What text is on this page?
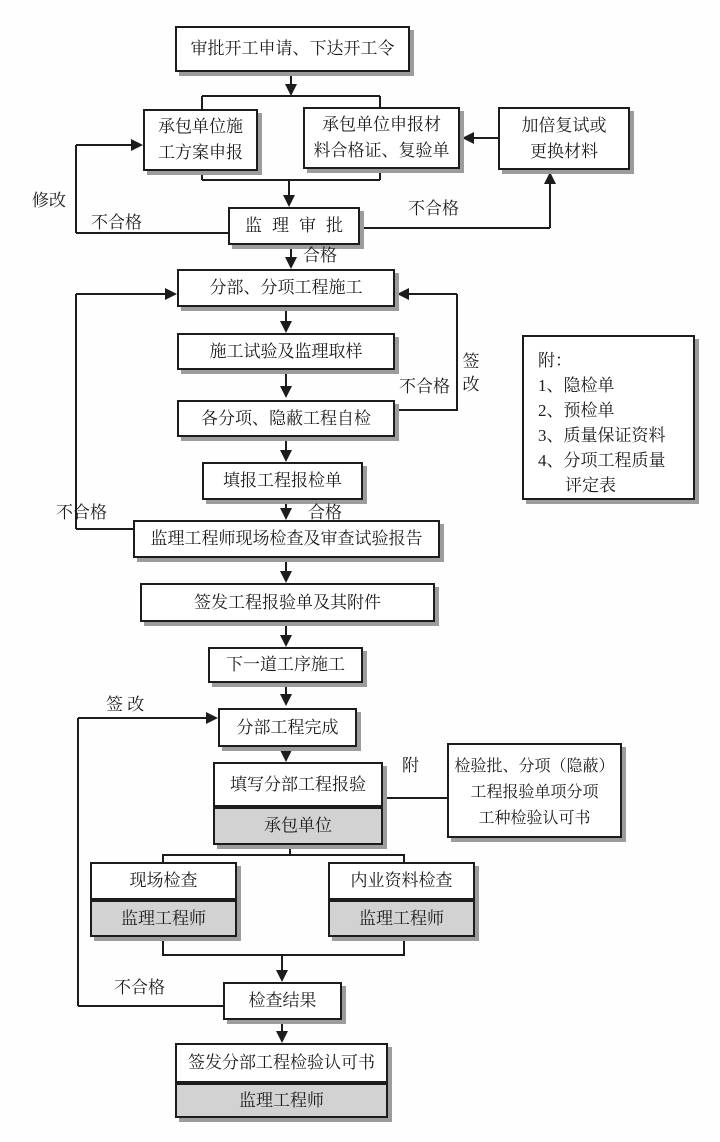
审批开工申请、下达开工令
承包单位施
工方案申报
承包单位申报材
料合格证、复验单
加倍复试或
更换材料
监理审批
分部、分项工程施工
施工试验及监理取样
各分项、隐蔽工程自检
填报工程报检单
监理工程师现场检查及审查试验报告
签发工程报验单及其附件
下一道工序施工
分部工程完成
填写分部工程报验
承包单位
现场检查
监理工程师
内业资料检查
监理工程师
检查结果
签发分部工程检验认可书
监理工程师
附：
1、隐检单
2、预检单
3、质量保证资料
4、分项工程质量
评定表
检验批、分项（隐蔽）
工程报验单项分项
工种检验认可书
修改
不合格
不合格
合格
不合格
签改
不合格	合格
签 改
附
不合格
